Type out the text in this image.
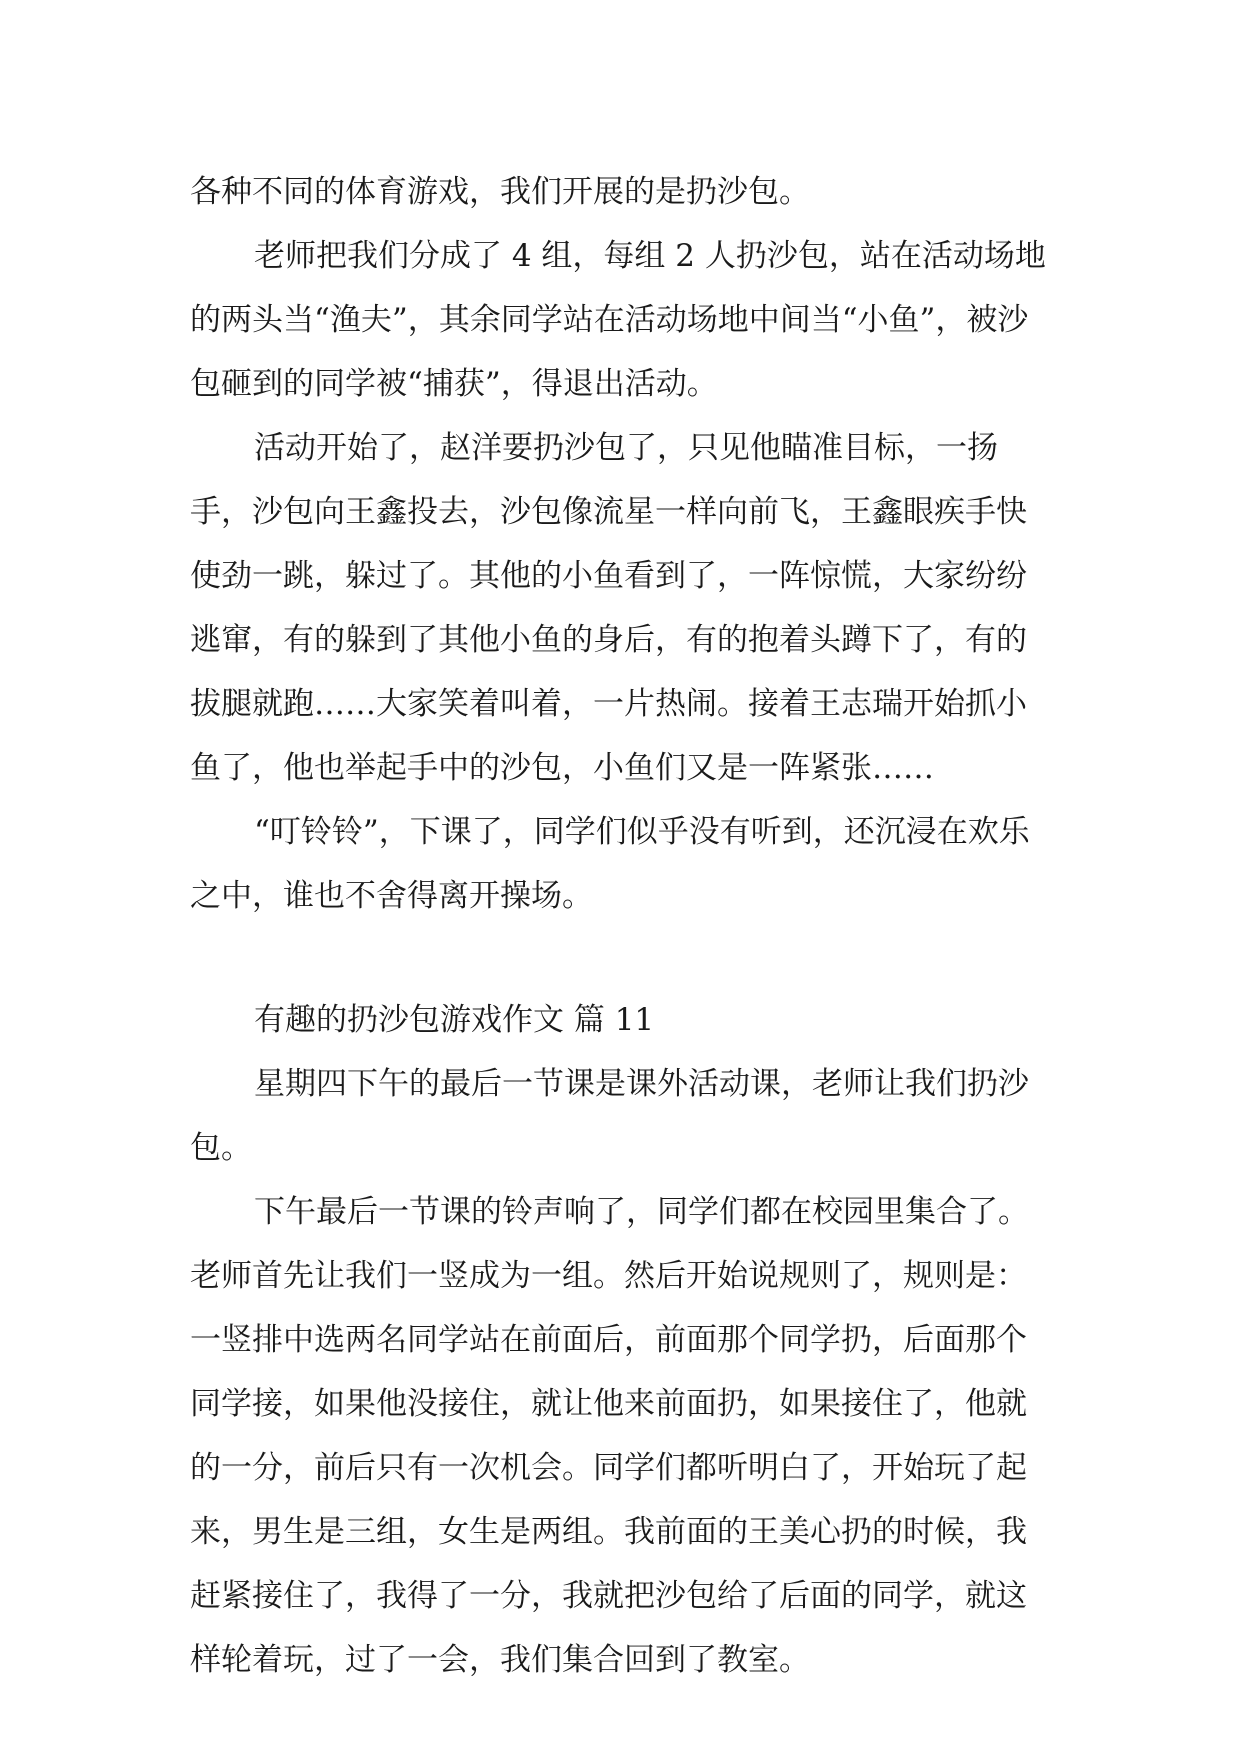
各种不同的体育游戏，我们开展的是扔沙包。

老师把我们分成了 4 组，每组 2 人扔沙包，站在活动场地的两头当“渔夫”，其余同学站在活动场地中间当“小鱼”，被沙包砸到的同学被“捕获”，得退出活动。

活动开始了，赵洋要扔沙包了，只见他瞄准目标，一扬手，沙包向王鑫投去，沙包像流星一样向前飞，王鑫眼疾手快使劲一跳，躲过了。其他的小鱼看到了，一阵惊慌，大家纷纷逃窜，有的躲到了其他小鱼的身后，有的抱着头蹲下了，有的拔腿就跑……大家笑着叫着，一片热闹。接着王志瑞开始抓小鱼了，他也举起手中的沙包，小鱼们又是一阵紧张……

“叮铃铃”，下课了，同学们似乎没有听到，还沉浸在欢乐之中，谁也不舍得离开操场。

有趣的扔沙包游戏作文 篇 11

星期四下午的最后一节课是课外活动课，老师让我们扔沙包。

下午最后一节课的铃声响了，同学们都在校园里集合了。老师首先让我们一竖成为一组。然后开始说规则了，规则是：一竖排中选两名同学站在前面后，前面那个同学扔，后面那个同学接，如果他没接住，就让他来前面扔，如果接住了，他就的一分，前后只有一次机会。同学们都听明白了，开始玩了起来，男生是三组，女生是两组。我前面的王美心扔的时候，我赶紧接住了，我得了一分，我就把沙包给了后面的同学，就这样轮着玩，过了一会，我们集合回到了教室。
